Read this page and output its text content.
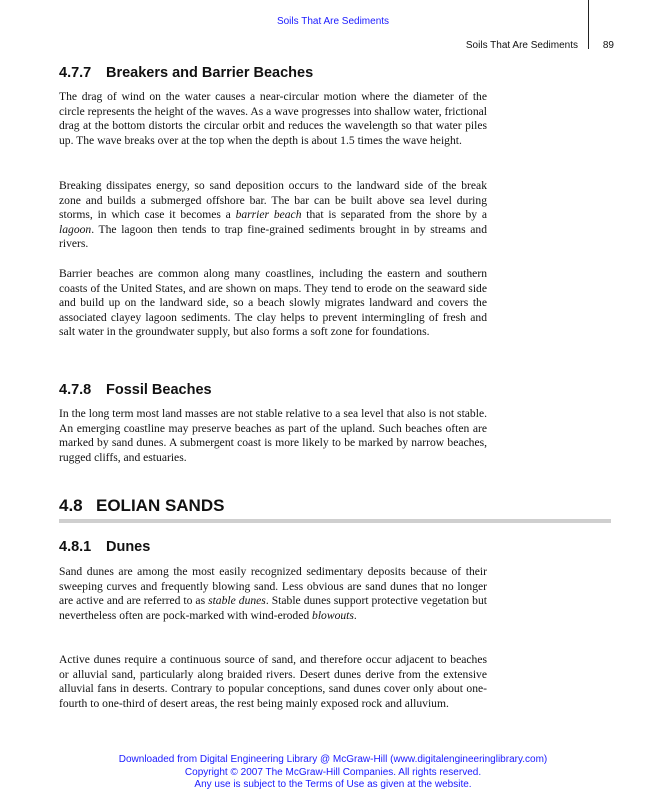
Soils That Are Sediments
Soils That Are Sediments	89
4.7.7 Breakers and Barrier Beaches
The drag of wind on the water causes a near-circular motion where the diameter of the circle represents the height of the waves. As a wave progresses into shallow water, frictional drag at the bottom distorts the circular orbit and reduces the wavelength so that water piles up. The wave breaks over at the top when the depth is about 1.5 times the wave height.
Breaking dissipates energy, so sand deposition occurs to the landward side of the break zone and builds a submerged offshore bar. The bar can be built above sea level during storms, in which case it becomes a barrier beach that is separated from the shore by a lagoon. The lagoon then tends to trap fine-grained sediments brought in by streams and rivers.
Barrier beaches are common along many coastlines, including the eastern and southern coasts of the United States, and are shown on maps. They tend to erode on the seaward side and build up on the landward side, so a beach slowly migrates landward and covers the associated clayey lagoon sediments. The clay helps to prevent intermingling of fresh and salt water in the groundwater supply, but also forms a soft zone for foundations.
4.7.8 Fossil Beaches
In the long term most land masses are not stable relative to a sea level that also is not stable. An emerging coastline may preserve beaches as part of the upland. Such beaches often are marked by sand dunes. A submergent coast is more likely to be marked by narrow beaches, rugged cliffs, and estuaries.
4.8 EOLIAN SANDS
4.8.1 Dunes
Sand dunes are among the most easily recognized sedimentary deposits because of their sweeping curves and frequently blowing sand. Less obvious are sand dunes that no longer are active and are referred to as stable dunes. Stable dunes support protective vegetation but nevertheless often are pock-marked with wind-eroded blowouts.
Active dunes require a continuous source of sand, and therefore occur adjacent to beaches or alluvial sand, particularly along braided rivers. Desert dunes derive from the extensive alluvial fans in deserts. Contrary to popular conceptions, sand dunes cover only about one-fourth to one-third of desert areas, the rest being mainly exposed rock and alluvium.
Downloaded from Digital Engineering Library @ McGraw-Hill (www.digitalengineeringlibrary.com)
Copyright © 2007 The McGraw-Hill Companies. All rights reserved.
Any use is subject to the Terms of Use as given at the website.
